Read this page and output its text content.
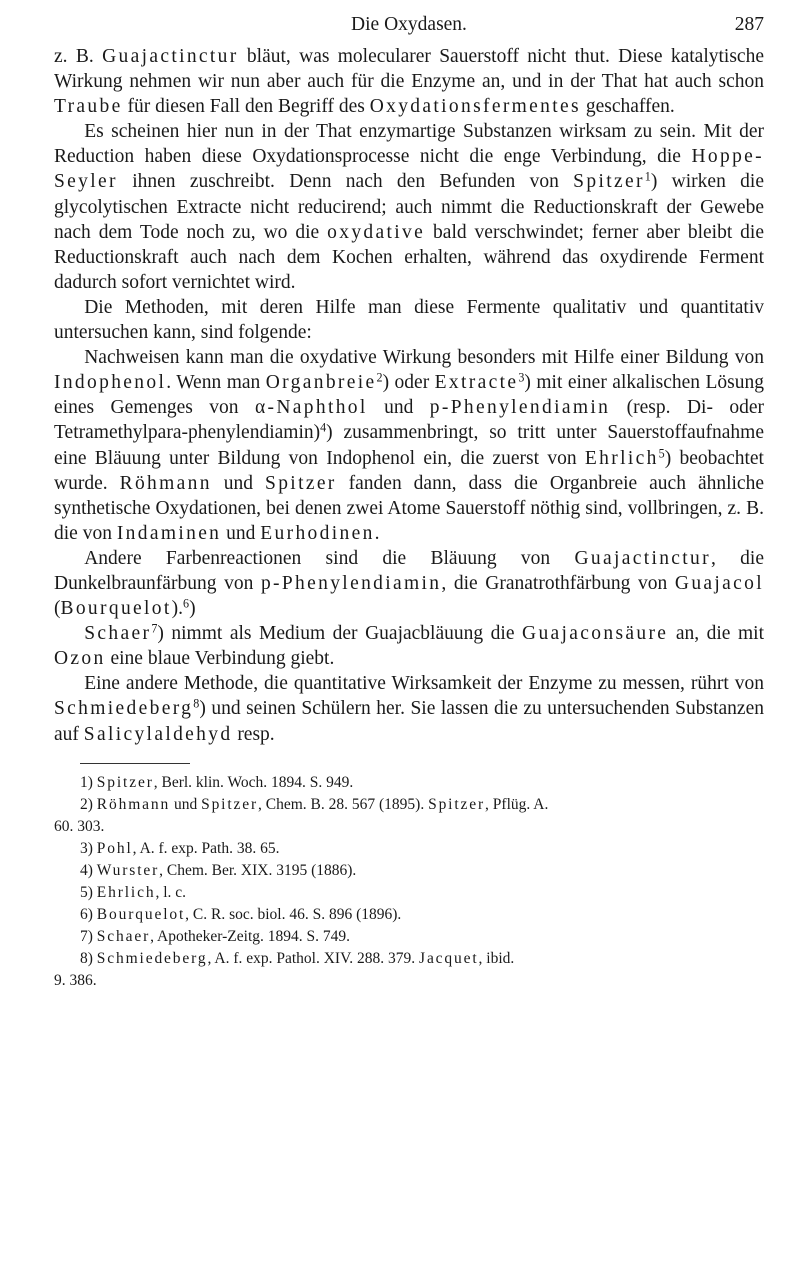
Die Oxydasen.	287

z. B. Guajactinctur bläut, was molecularer Sauerstoff nicht thut. Diese katalytische Wirkung nehmen wir nun aber auch für die Enzyme an, und in der That hat auch schon Traube für diesen Fall den Begriff des Oxydationsfermentes geschaffen.

Es scheinen hier nun in der That enzymartige Substanzen wirksam zu sein. Mit der Reduction haben diese Oxydationsprocesse nicht die enge Verbindung, die Hoppe-Seyler ihnen zuschreibt. Denn nach den Befunden von Spitzer$^1$) wirken die glycolytischen Extracte nicht reducirend; auch nimmt die Reductionskraft der Gewebe nach dem Tode noch zu, wo die oxydative bald verschwindet; ferner aber bleibt die Reductionskraft auch nach dem Kochen erhalten, während das oxydirende Ferment dadurch sofort vernichtet wird.

Die Methoden, mit deren Hilfe man diese Fermente qualitativ und quantitativ untersuchen kann, sind folgende:

Nachweisen kann man die oxydative Wirkung besonders mit Hilfe einer Bildung von Indophenol. Wenn man Organbreie$^2$) oder Extracte$^3$) mit einer alkalischen Lösung eines Gemenges von α-Naphthol und p-Phenylendiamin (resp. Di- oder Tetramethylpara-phenylendiamin)$^4$) zusammenbringt, so tritt unter Sauerstoffaufnahme eine Bläuung unter Bildung von Indophenol ein, die zuerst von Ehrlich$^5$) beobachtet wurde. Röhmann und Spitzer fanden dann, dass die Organbreie auch ähnliche synthetische Oxydationen, bei denen zwei Atome Sauerstoff nöthig sind, vollbringen, z. B. die von Indaminen und Eurhodinen.

Andere Farbenreactionen sind die Bläuung von Guajactinctur, die Dunkelbraunfärbung von p-Phenylendiamin, die Granatrothfärbung von Guajacol (Bourquelot).$^6$)

Schaer$^7$) nimmt als Medium der Guajacbläuung die Guajaconsäure an, die mit Ozon eine blaue Verbindung giebt.

Eine andere Methode, die quantitative Wirksamkeit der Enzyme zu messen, rührt von Schmiedeberg$^8$) und seinen Schülern her. Sie lassen die zu untersuchenden Substanzen auf Salicylaldehyd resp.

1) Spitzer, Berl. klin. Woch. 1894. S. 949.

2) Röhmann und Spitzer, Chem. B. 28. 567 (1895). Spitzer, Pflüg. A.

60. 303.

3) Pohl, A. f. exp. Path. 38. 65.

4) Wurster, Chem. Ber. XIX. 3195 (1886).

5) Ehrlich, l. c.

6) Bourquelot, C. R. soc. biol. 46. S. 896 (1896).

7) Schaer, Apotheker-Zeitg. 1894. S. 749.

8) Schmiedeberg, A. f. exp. Pathol. XIV. 288. 379. Jacquet, ibid.

9. 386.
